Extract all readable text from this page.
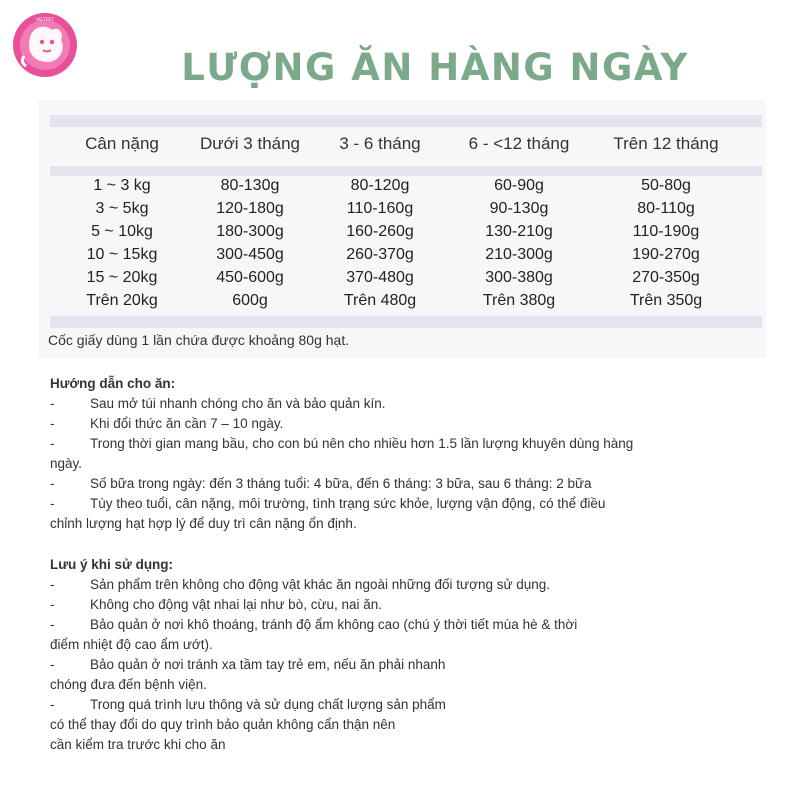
VIETPET
LƯỢNG ĂN HÀNG NGÀY
Cân nặng	Dưới 3 tháng	3 - 6 tháng	6 - <12 tháng	Trên 12 tháng
1 ~ 3 kg	80-130g	80-120g	60-90g	50-80g
3 ~ 5kg	120-180g	110-160g	90-130g	80-110g
5 ~ 10kg	180-300g	160-260g	130-210g	110-190g
10 ~ 15kg	300-450g	260-370g	210-300g	190-270g
15 ~ 20kg	450-600g	370-480g	300-380g	270-350g
Trên 20kg	600g	Trên 480g	Trên 380g	Trên 350g
Cốc giấy dùng 1 lần chứa được khoảng 80g hạt.
Hướng dẫn cho ăn:
-	Sau mở túi nhanh chóng cho ăn và bảo quản kín.
-	Khi đổi thức ăn cần 7 – 10 ngày.
-	Trong thời gian mang bầu, cho con bú nên cho nhiều hơn 1.5 lần lượng khuyên dùng hàng
ngày.
-	Số bữa trong ngày: đến 3 tháng tuổi: 4 bữa, đến 6 tháng: 3 bữa, sau 6 tháng: 2 bữa
-	Tùy theo tuổi, cân nặng, môi trường, tình trạng sức khỏe, lượng vận động, có thể điều
chỉnh lượng hạt hợp lý để duy trì cân nặng ổn định.
Lưu ý khi sử dụng:
-	Sản phẩm trên không cho động vật khác ăn ngoài những đối tượng sử dụng.
-	Không cho động vật nhai lại như bò, cừu, nai ăn.
-	Bảo quản ở nơi khô thoáng, tránh độ ẩm không cao (chú ý thời tiết mùa hè & thời
điểm nhiệt độ cao ẩm ướt).
-	Bảo quản ở nơi tránh xa tầm tay trẻ em, nếu ăn phải nhanh
chóng đưa đến bệnh viện.
-	Trong quá trình lưu thông và sử dụng chất lượng sản phẩm
có thể thay đổi do quy trình bảo quản không cẩn thận nên
cần kiểm tra trước khi cho ăn
